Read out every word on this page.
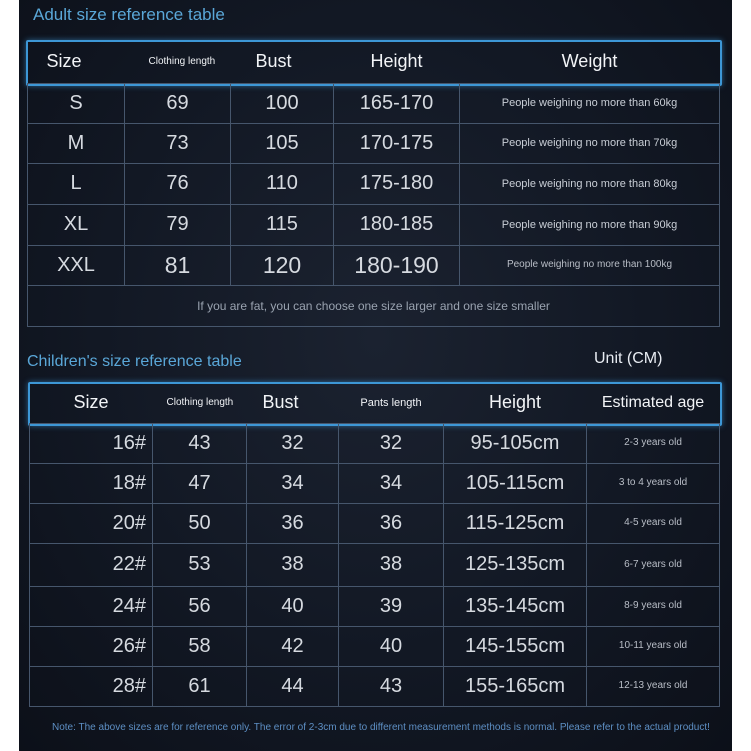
Adult size reference table
Size	Clothing length	Bust	Height	Weight
S	69	100	165-170	People weighing no more than 60kg
M	73	105	170-175	People weighing no more than 70kg
L	76	110	175-180	People weighing no more than 80kg
XL	79	115	180-185	People weighing no more than 90kg
XXL	81	120	180-190	People weighing no more than 100kg
If you are fat, you can choose one size larger and one size smaller				
Children's size reference table	Unit (CM)
Size	Clothing length	Bust	Pants length	Height	Estimated age
16#	43	32	32	95-105cm	2-3 years old
18#	47	34	34	105-115cm	3 to 4 years old
20#	50	36	36	115-125cm	4-5 years old
22#	53	38	38	125-135cm	6-7 years old
24#	56	40	39	135-145cm	8-9 years old
26#	58	42	40	145-155cm	10-11 years old
28#	61	44	43	155-165cm	12-13 years old
Note: The above sizes are for reference only. The error of 2-3cm due to different measurement methods is normal. Please refer to the actual product!
